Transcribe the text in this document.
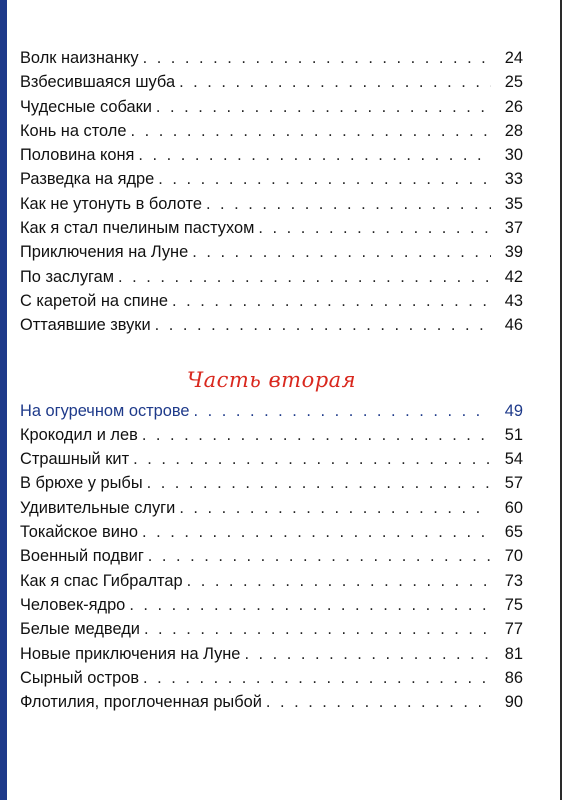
Волк наизнанку . . .	24
Взбесившаяся шуба . . .	25
Чудесные собаки . . .	26
Конь на столе . . .	28
Половина коня . . .	30
Разведка на ядре . . .	33
Как не утонуть в болоте . . .	35
Как я стал пчелиным пастухом . . .	37
Приключения на Луне . . .	39
По заслугам . . .	42
С каретой на спине . . .	43
Оттаявшие звуки . . .	46
Часть вторая
На огуречном острове . . .	49
Крокодил и лев . . .	51
Страшный кит . . .	54
В брюхе у рыбы . . .	57
Удивительные слуги . . .	60
Токайское вино . . .	65
Военный подвиг . . .	70
Как я спас Гибралтар . . .	73
Человек-ядро . . .	75
Белые медведи . . .	77
Новые приключения на Луне . . .	81
Сырный остров . . .	86
Флотилия, проглоченная рыбой . . .	90
